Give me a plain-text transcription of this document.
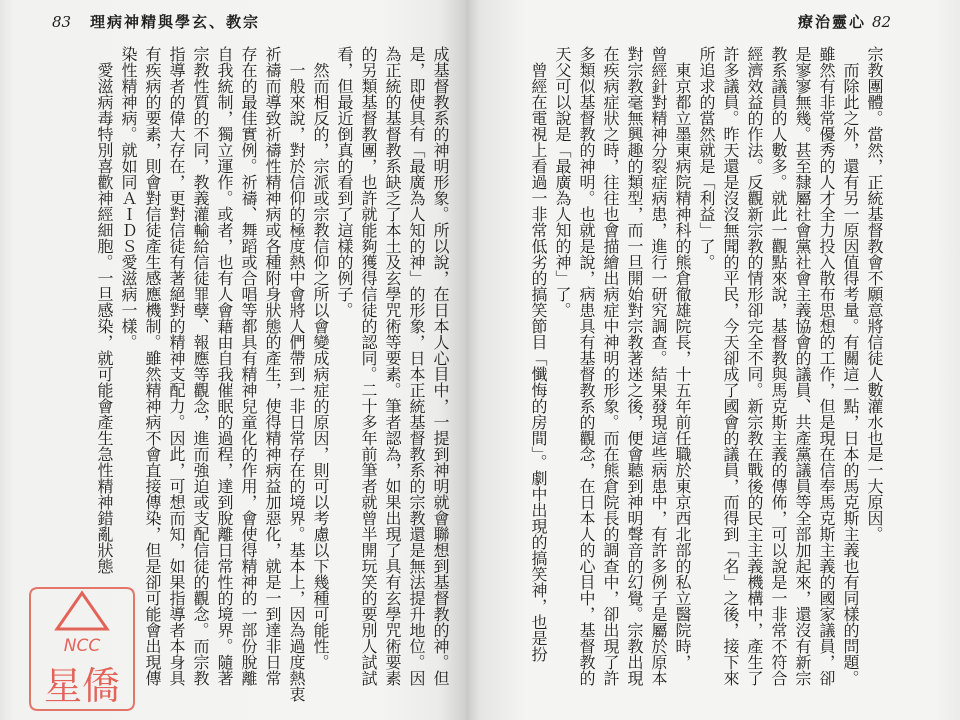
83 理病神精與學玄、教宗
成基督教系的神明形象。所以說，在日本人心目中，一提到神明就會聯想到基督教的神。但
是，即使具有「最廣為人知的神」的形象，日本正統基督教系的宗教還是無法提升地位。因
為正統的基督教系缺乏了本土及玄學咒術等要素。筆者認為，如果出現了具有玄學咒術要素
的另類基督教團，也許就能夠獲得信徒的認同。二十多年前筆者就曾半開玩笑的要別人試試
看，但最近倒真的看到了這樣的例子。
然而相反的，宗派或宗教信仰之所以會變成病症的原因，則可以考慮以下幾種可能性。
一般來說，對於信仰的極度熱中會將人們帶到一非日常存在的境界。基本上，因為過度熱衷
祈禱而導致祈禱性精神病或各種附身狀態的產生，使得精神病益加惡化，就是一到達非日常
存在的最佳實例。祈禱、舞蹈或合唱等都具有精神兒童化的作用，會使得精神的一部份脫離
自我統制，獨立運作。或者，也有人會藉由自我催眠的過程，達到脫離日常性的境界。隨著
宗教性質的不同，教義灌輸給信徒罪孽、報應等觀念，進而強迫或支配信徒的觀念。而宗教
指導者的偉大存在，更對信徒有著絕對的精神支配力。因此，可想而知，如果指導者本身具
有疾病的要素，則會對信徒產生感應機制。雖然精神病不會直接傳染，但是卻可能會出現傳
染性精神病。就如同ＡＩＤＳ愛滋病一樣。
愛滋病毒特別喜歡神經細胞。一旦感染，就可能會產生急性精神錯亂狀態
療治靈心 82
宗教團體。當然，正統基督教會不願意將信徒人數灌水也是一大原因。
而除此之外，還有另一原因值得考量。有關這一點，日本的馬克斯主義也有同樣的問題。
雖然有非常優秀的人才全力投入散布思想的工作，但是現在信奉馬克斯主義的國家議員，卻
是寥寥無幾。甚至隸屬社會黨社會主義協會的議員、共產黨議員等全部加起來，還沒有新宗
教系議員的人數多。就此一觀點來說，基督教與馬克斯主義的傳佈，可以說是一非常不符合
經濟效益的作法。反觀新宗教的情形卻完全不同。新宗教在戰後的民主主義機構中，產生了
許多議員。昨天還是沒沒無聞的平民，今天卻成了國會的議員，而得到「名」之後，接下來
所追求的當然就是「利益」了。
東京都立墨東病院精神科的熊倉徹雄院長，十五年前任職於東京西北部的私立醫院時，
曾經針對精神分裂症病患，進行一研究調查。結果發現這些病患中，有許多例子是屬於原本
對宗教毫無興趣的類型，而一旦開始對宗教著迷之後，便會聽到神明聲音的幻覺。宗教出現
在疾病症狀之時，往往也會描繪出病症中神明的形象。而在熊倉院長的調查中，卻出現了許
多類似基督教的神明。也就是說，病患具有基督教系的觀念，在日本人的心目中，基督教的
天父可以說是「最廣為人知的神」了。
曾經在電視上看過一非常低劣的搞笑節目「懺悔的房間」。劇中出現的搞笑神，也是扮
NCC
星僑
